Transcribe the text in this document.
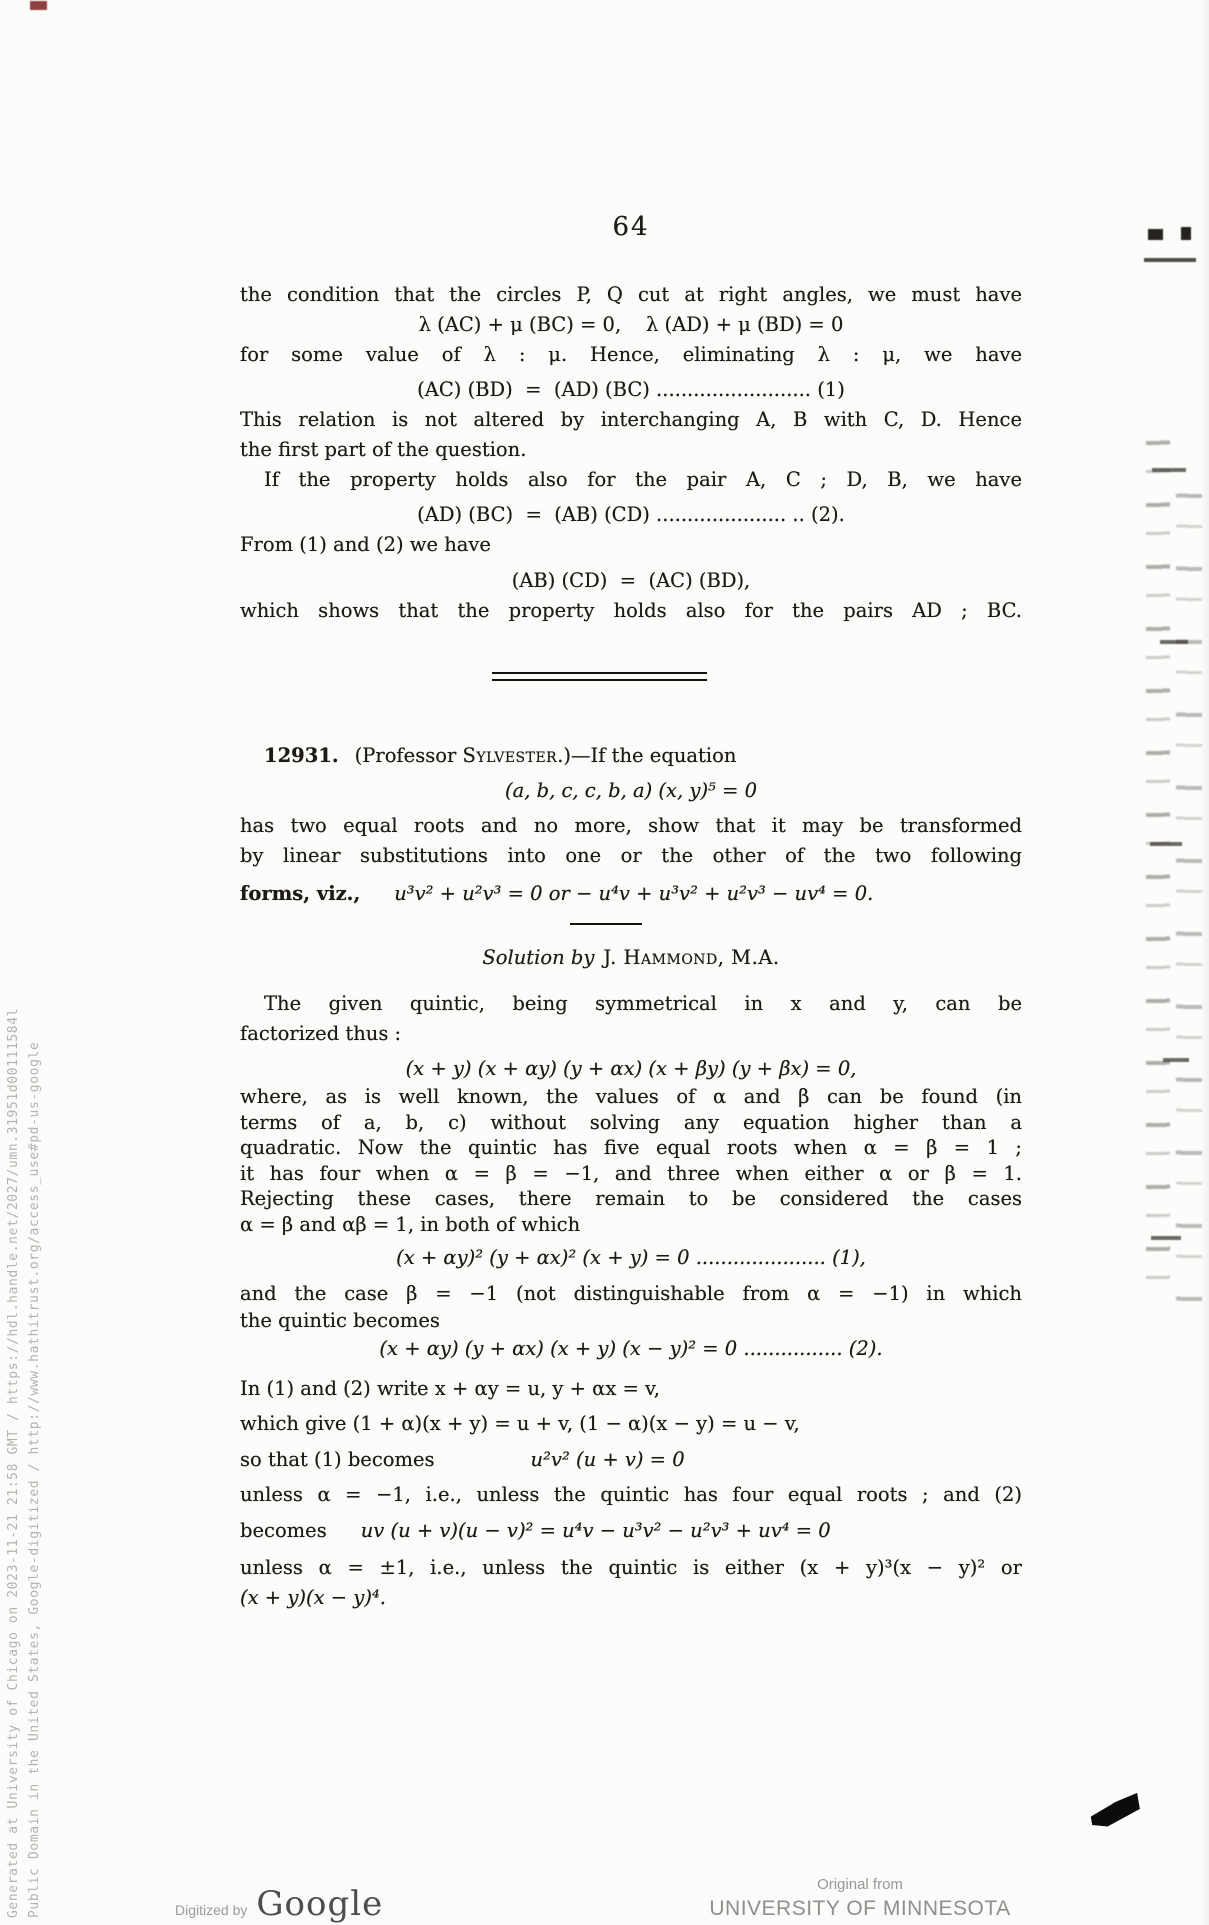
Generated at University of Chicago on 2023-11-21 21:58 GMT / https://hdl.handle.net/2027/umn.31951d00111584l Public Domain in the United States, Google-digitized / http://www.hathitrust.org/access_use#pd-us-google
64
the condition that the circles P, Q cut at right angles, we must have
λ (AC) + μ (BC) = 0,    λ (AD) + μ (BD) = 0
for some value of λ : μ. Hence, eliminating λ : μ, we have
(AC) (BD)  =  (AD) (BC) ......................... (1)
This relation is not altered by interchanging A, B with C, D. Hence
the first part of the question.
If the property holds also for the pair A, C ; D, B, we have
(AD) (BC)  =  (AB) (CD) ..................... .. (2).
From (1) and (2) we have
(AB) (CD)  =  (AC) (BD),
which shows that the property holds also for the pairs AD ; BC.
12931. (Professor Sylvester.)—If the equation
(a, b, c, c, b, a) (x, y)⁵ = 0
has two equal roots and no more, show that it may be transformed
by linear substitutions into one or the other of the two following
forms, viz., u³v² + u²v³ = 0 or − u⁴v + u³v² + u²v³ − uv⁴ = 0.
Solution by J. Hammond, M.A.
The given quintic, being symmetrical in x and y, can be
factorized thus :
(x + y) (x + αy) (y + αx) (x + βy) (y + βx) = 0,
where, as is well known, the values of α and β can be found (in
terms of a, b, c) without solving any equation higher than a
quadratic. Now the quintic has five equal roots when α = β = 1 ;
it has four when α = β = −1, and three when either α or β = 1.
Rejecting these cases, there remain to be considered the cases
α = β and αβ = 1, in both of which
(x + αy)² (y + αx)² (x + y) = 0 ..................... (1),
and the case β = −1 (not distinguishable from α = −1) in which
the quintic becomes
(x + αy) (y + αx) (x + y) (x − y)² = 0 ................ (2).
In (1) and (2) write x + αy = u, y + αx = v,
which give (1 + α)(x + y) = u + v, (1 − α)(x − y) = u − v,
so that (1) becomes	u²v² (u + v) = 0
unless α = −1, i.e., unless the quintic has four equal roots ; and (2)
becomes uv (u + v)(u − v)² = u⁴v − u³v² − u²v³ + uv⁴ = 0
unless α = ±1, i.e., unless the quintic is either (x + y)³(x − y)² or
(x + y)(x − y)⁴.
Digitized by Google	Original from
UNIVERSITY OF MINNESOTA
